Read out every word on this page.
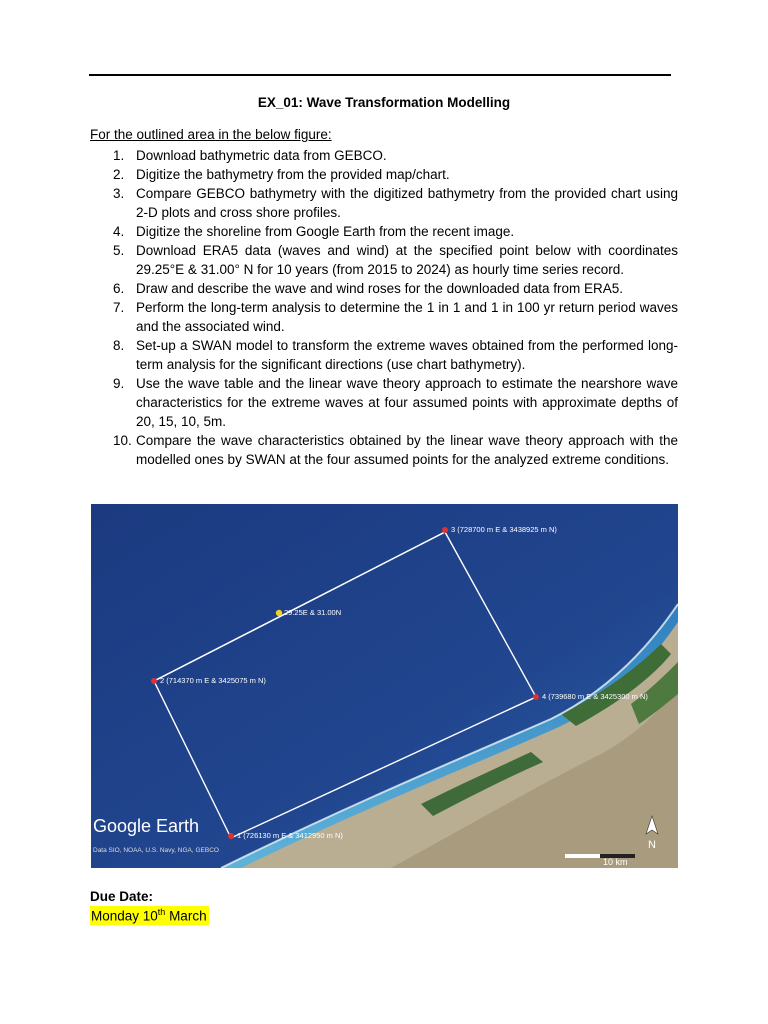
EX_01: Wave Transformation Modelling
For the outlined area in the below figure:
1. Download bathymetric data from GEBCO.
2. Digitize the bathymetry from the provided map/chart.
3. Compare GEBCO bathymetry with the digitized bathymetry from the provided chart using 2-D plots and cross shore profiles.
4. Digitize the shoreline from Google Earth from the recent image.
5. Download ERA5 data (waves and wind) at the specified point below with coordinates 29.25°E & 31.00° N for 10 years (from 2015 to 2024) as hourly time series record.
6. Draw and describe the wave and wind roses for the downloaded data from ERA5.
7. Perform the long-term analysis to determine the 1 in 1 and 1 in 100 yr return period waves and the associated wind.
8. Set-up a SWAN model to transform the extreme waves obtained from the performed long-term analysis for the significant directions (use chart bathymetry).
9. Use the wave table and the linear wave theory approach to estimate the nearshore wave characteristics for the extreme waves at four assumed points with approximate depths of 20, 15, 10, 5m.
10. Compare the wave characteristics obtained by the linear wave theory approach with the modelled ones by SWAN at the four assumed points for the analyzed extreme conditions.
3 (728700 m E & 3438925 m N)
29.25E & 31.00N
2 (714370 m E & 3425075 m N)
4 (739680 m E & 3425300 m N)
1 (726130 m E & 3412950 m N)
Google Earth
Data SIO, NOAA, U.S. Navy, NGA, GEBCO	N
10 km
Due Date:
Monday 10th March
